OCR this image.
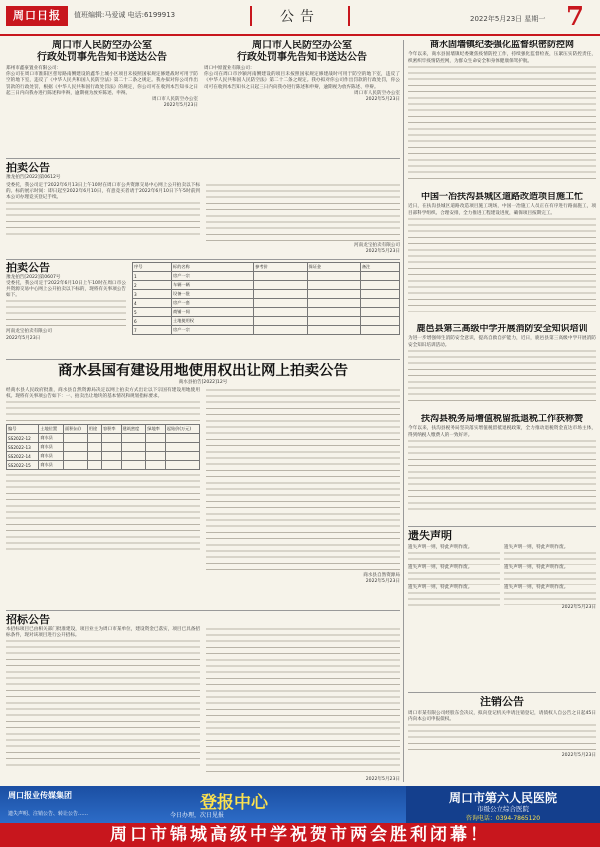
周口日报	值班编辑:马爱诚 电话:6199913	公告	2022年5月23日 星期一 7
周口市人民防空办公室
行政处罚事先告知书送达公告
郑州市鑫豪置业有限公司：
你公司在周口市淮阳区慈母路南侧建设的鑫华上城小区项目未按照国家规定修建战时可用于防空的地下室，违反了《中华人民共和国人民防空法》第二十二条之规定。我办拟对你公司作出罚款的行政处罚，根据《中华人民共和国行政处罚法》的规定，你公司可在收到本告知书之日起三日内向我办进行陈述和申辩，逾期视为放弃陈述、申辩。
周口市人民防空办公室
2022年5月23日
周口市人民防空办公室
行政处罚事先告知书送达公告
周口中原置业有限公司：
你公司在周口市沙颍河南侧建设的项目未按照国家规定修建战时可用于防空的地下室，违反了《中华人民共和国人民防空法》第二十二条之规定。我办拟对你公司作出罚款的行政处罚，你公司可在收到本告知书之日起三日内向我办进行陈述和申辩，逾期视为放弃陈述、申辩。
周口市人民防空办公室
2022年5月23日
拍卖公告
豫龙拍告[2022]第0612号
受委托，我公司定于2022年6月13日上午10时在周口市公共资源交易中心网上公开拍卖以下标的。标的展示时间：即日起至2022年6月10日，有意竞买者请于2022年6月10日下午5时前到本公司办理竞买登记手续。
河南龙宝拍卖有限公司
2022年5月23日
拍卖公告
豫龙拍告[2022]第0607号
受委托，我公司定于2022年6月10日上午10时在周口市公共资源交易中心网上公开拍卖以下标的，现将有关事项公告如下。
河南龙宝拍卖有限公司
2022年5月23日
序号	标的名称	参考价	保证金	备注
1	房产一宗			
2	车辆一辆			
3	设备一批			
4	房产一套			
5	商铺一间			
6	土地使用权			
7	房产一宗			
商水县国有建设用地使用权出让网上拍卖公告
商水县拍告[2022]12号
经商水县人民政府批准，商水县自然资源局决定以网上拍卖方式出让以下宗国有建设用地使用权。现将有关事项公告如下：一、拍卖出让地块的基本情况和规划指标要求。
编号	土地位置	面积(㎡)	用途	容积率	建筑密度	绿地率	起始价(万元)
SS2022-12	商水县						
SS2022-13	商水县						
SS2022-14	商水县						
SS2022-15	商水县						
商水县自然资源局
2022年5月23日
招标公告
本招标项目已由相关部门批准建设，项目业主为周口市某单位，建设资金已落实，项目已具备招标条件，现对该项目进行公开招标。
2022年5月23日
商水固墙镇纪委强化监督织密防控网
今年以来，商水县固墙镇纪委聚焦疫情防控工作，持续强化监督检查，压紧压实防控责任，织密织牢疫情防控网，为群众生命安全和身体健康保驾护航。
中国一冶扶沟县城区道路改造项目施工忙
近日，在扶沟县城区道路改造项目施工现场，中国一冶施工人员正在有序进行路面施工，项目部科学组织、合理安排，全力推进工程建设进度，确保项目按期完工。
鹿邑县第三高级中学开展消防安全知识培训
为进一步增强师生消防安全意识，提高自救自护能力，近日，鹿邑县第三高级中学开展消防安全知识培训活动。
扶沟县税务局增值税留抵退税工作获称赞
今年以来，扶沟县税务局坚决落实增值税留抵退税政策，全力推动退税资金直达市场主体，得到纳税人缴费人的一致好评。
遗失声明
遗失声明一则，特此声明作废。
遗失声明一则，特此声明作废。
遗失声明一则，特此声明作废。
遗失声明一则，特此声明作废。
遗失声明一则，特此声明作废。
遗失声明一则，特此声明作废。
2022年5月23日
注销公告
周口市某有限公司经股东会决议，拟向登记机关申请注销登记，请债权人自公告之日起45日内向本公司申报债权。
2022年5月23日
周口报业传媒集团	登报中心
今日办理，次日见报
遗失声明、注销公告、转让公告……
周口市第六人民医院
市级公立综合医院
咨询电话：0394-7865120
周口市锦城高级中学祝贺市两会胜利闭幕！
